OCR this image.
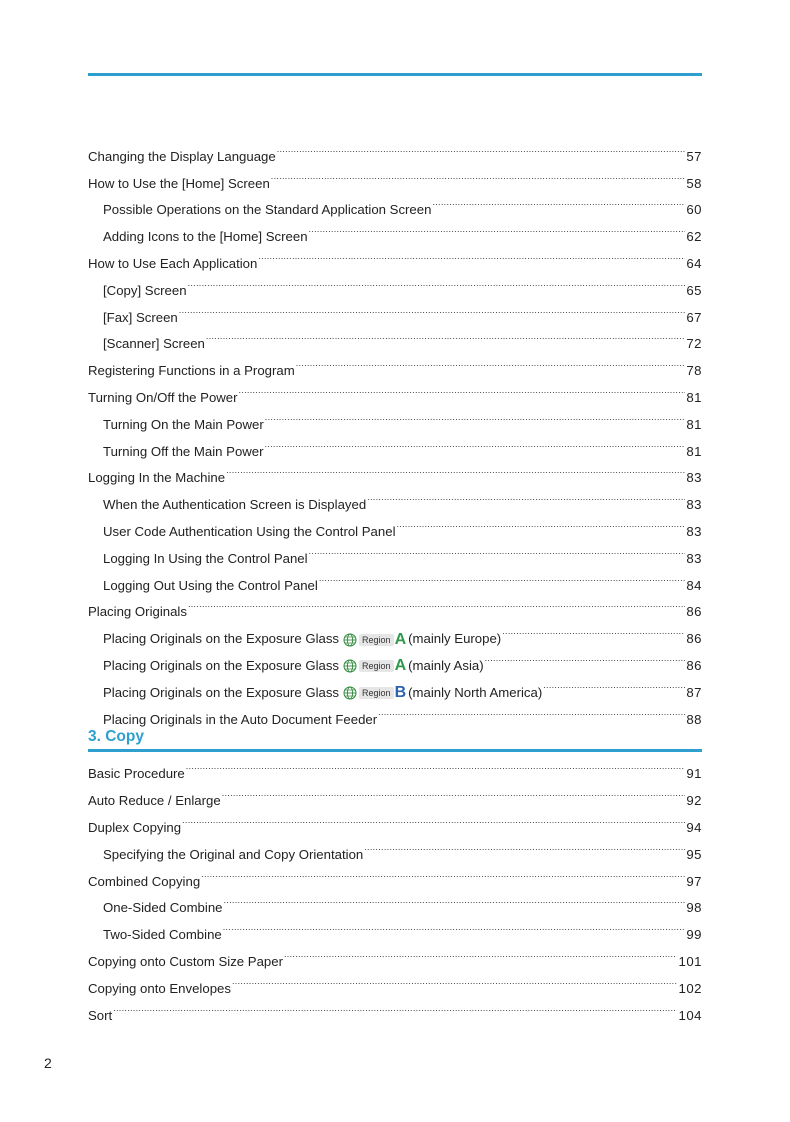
Changing the Display Language .....	57
How to Use the [Home] Screen .....	58
Possible Operations on the Standard Application Screen .....	60
Adding Icons to the [Home] Screen .....	62
How to Use Each Application .....	64
[Copy] Screen .....	65
[Fax] Screen .....	67
[Scanner] Screen .....	72
Registering Functions in a Program .....	78
Turning On/Off the Power .....	81
Turning On the Main Power .....	81
Turning Off the Main Power .....	81
Logging In the Machine .....	83
When the Authentication Screen is Displayed .....	83
User Code Authentication Using the Control Panel .....	83
Logging In Using the Control Panel .....	83
Logging Out Using the Control Panel .....	84
Placing Originals .....	86
Placing Originals on the Exposure Glass	Region A (mainly Europe) .....	86
Placing Originals on the Exposure Glass	Region A (mainly Asia) .....	86
Placing Originals on the Exposure Glass	Region B (mainly North America) .....	87
Placing Originals in the Auto Document Feeder .....	88
3. Copy
Basic Procedure .....	91
Auto Reduce / Enlarge .....	92
Duplex Copying .....	94
Specifying the Original and Copy Orientation .....	95
Combined Copying .....	97
One-Sided Combine .....	98
Two-Sided Combine .....	99
Copying onto Custom Size Paper .....	101
Copying onto Envelopes .....	102
Sort .....	104
2
